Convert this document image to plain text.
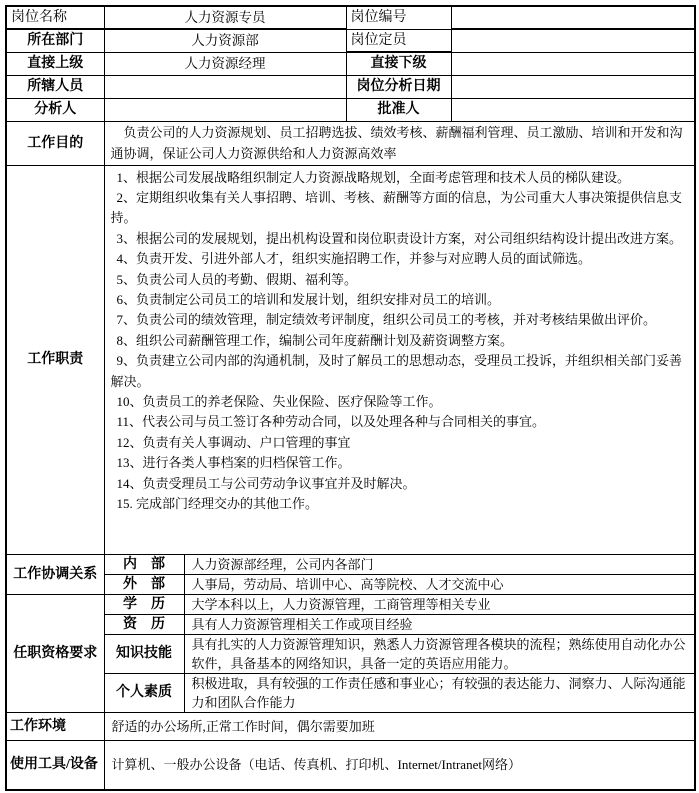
岗位名称	人力资源专员		岗位编号	
所在部门	人力资源部		岗位定员	
直接上级	人力资源经理		直接下级	
所辖人员			岗位分析日期	
分析人			批准人	
工作目的	负责公司的人力资源规划、员工招聘选拔、绩效考核、薪酬福利管理、员工激励、培训和开发和沟通协调，保证公司人力资源供给和人力资源高效率			
工作职责	

1、根据公司发展战略组织制定人力资源战略规划，全面考虑管理和技术人员的梯队建设。

2、定期组织收集有关人事招聘、培训、考核、薪酬等方面的信息，为公司重大人事决策提供信息支持。

3、根据公司的发展规划，提出机构设置和岗位职责设计方案，对公司组织结构设计提出改进方案。

4、负责开发、引进外部人才，组织实施招聘工作，并参与对应聘人员的面试筛选。

5、负责公司人员的考勤、假期、福利等。

6、负责制定公司员工的培训和发展计划，组织安排对员工的培训。

7、负责公司的绩效管理，制定绩效考评制度，组织公司员工的考核，并对考核结果做出评价。

8、组织公司薪酬管理工作，编制公司年度薪酬计划及薪资调整方案。

9、负责建立公司内部的沟通机制，及时了解员工的思想动态，受理员工投诉，并组织相关部门妥善解决。

10、负责员工的养老保险、失业保险、医疗保险等工作。

11、代表公司与员工签订各种劳动合同，以及处理各种与合同相关的事宜。

12、负责有关人事调动、户口管理的事宜

13、进行各类人事档案的归档保管工作。

14、负责受理员工与公司劳动争议事宜并及时解决。

15. 完成部门经理交办的其他工作。

工作协调关系	内　部	人力资源部经理，公司内各部门		
	外　部	人事局，劳动局、培训中心、高等院校、人才交流中心		
任职资格要求	学　历	大学本科以上，人力资源管理，工商管理等相关专业		
	资　历	具有人力资源管理相关工作或项目经验		
	知识技能	具有扎实的人力资源管理知识，熟悉人力资源管理各模块的流程；熟练使用自动化办公软件，具备基本的网络知识，具备一定的英语应用能力。		
	个人素质	积极进取，具有较强的工作责任感和事业心；有较强的表达能力、洞察力、人际沟通能力和团队合作能力		
工作环境	舒适的办公场所,正常工作时间，偶尔需要加班			
使用工具/设备	计算机、一般办公设备（电话、传真机、打印机、Internet/Intranet网络）			
